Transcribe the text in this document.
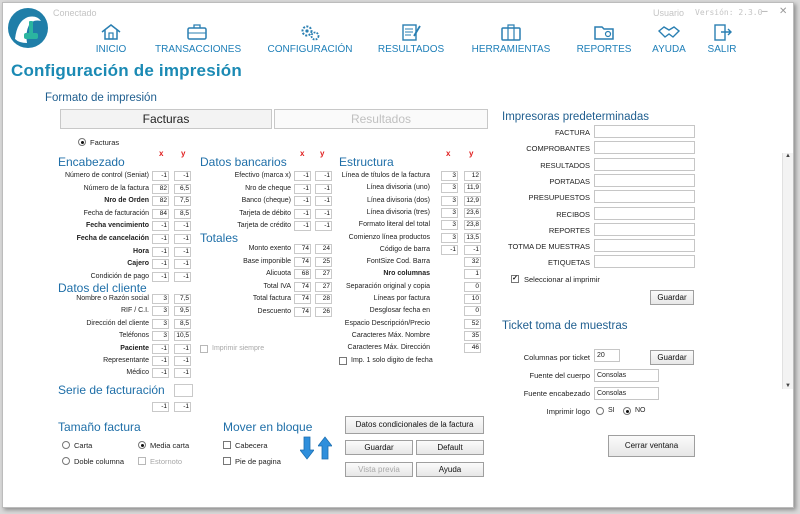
Conectado	Usuario Versión: 2.3.0 – ✕
INICIO	TRANSACCIONES	CONFIGURACIÓN	RESULTADOS	HERRAMIENTAS	REPORTES	AYUDA	SALIR
Configuración de impresión
Formato de impresión
Facturas	Resultados
Facturas
Encabezado
x y
Número de control (Seniat)	-1	-1
Número de la factura	82	6,5
Nro de Orden	82	7,5
Fecha de facturación	84	8,5
Fecha vencimiento	-1	-1
Fecha de cancelación	-1	-1
Hora	-1	-1
Cajero	-1	-1
Condición de pago	-1	-1
Datos del cliente
Nombre o Razón social	3	7,5
RIF / C.I.	3	9,5
Dirección del cliente	3	8,5
Teléfonos	3	10,5
Paciente	-1	-1
Representante	-1	-1
Médico	-1	-1
Serie de facturación
-1	-1
Datos bancarios
x y
Efectivo (marca x)	-1	-1
Nro de cheque	-1	-1
Banco (cheque)	-1	-1
Tarjeta de débito	-1	-1
Tarjeta de crédito	-1	-1
Totales
Monto exento	74	24
Base imponible	74	25
Alicuota	68	27
Total IVA	74	27
Total factura	74	28
Descuento	74	26
Imprimir siempre
Estructura
x y
Línea de títulos de la factura	3	12
Línea divisoria (uno)	3	11,9
Línea divisoria (dos)	3	12,9
Línea divisoria (tres)	3	23,6
Formato literal del total	3	23,8
Comienzo línea productos	3	13,5
Código de barra	-1	-1
FontSize Cod. Barra	32
Nro columnas	1
Separación original y copia	0
Líneas por factura	10
Desglosar fecha en	0
Espacio Descripción/Precio	52
Caracteres Máx. Nombre	35
Caracteres Máx. Dirección	46
Imp. 1 solo digito de fecha
Tamaño factura
Carta	Media carta
Doble columna	Estornoto
Mover en bloque
Cabecera
Pie de pagina
Datos condicionales de la factura
Guardar	Default
Vista previa	Ayuda
Impresoras predeterminadas
FACTURA
COMPROBANTES
RESULTADOS
PORTADAS
PRESUPUESTOS
RECIBOS
REPORTES
TOTMA DE MUESTRAS
ETIQUETAS
✓
Seleccionar al imprimir
Guardar
Ticket toma de muestras
Columnas por ticket	20	Guardar
Fuente del cuerpo	Consolas
Fuente encabezado	Consolas
Imprimir logo	SI	NO
Cerrar ventana
▲
▼
